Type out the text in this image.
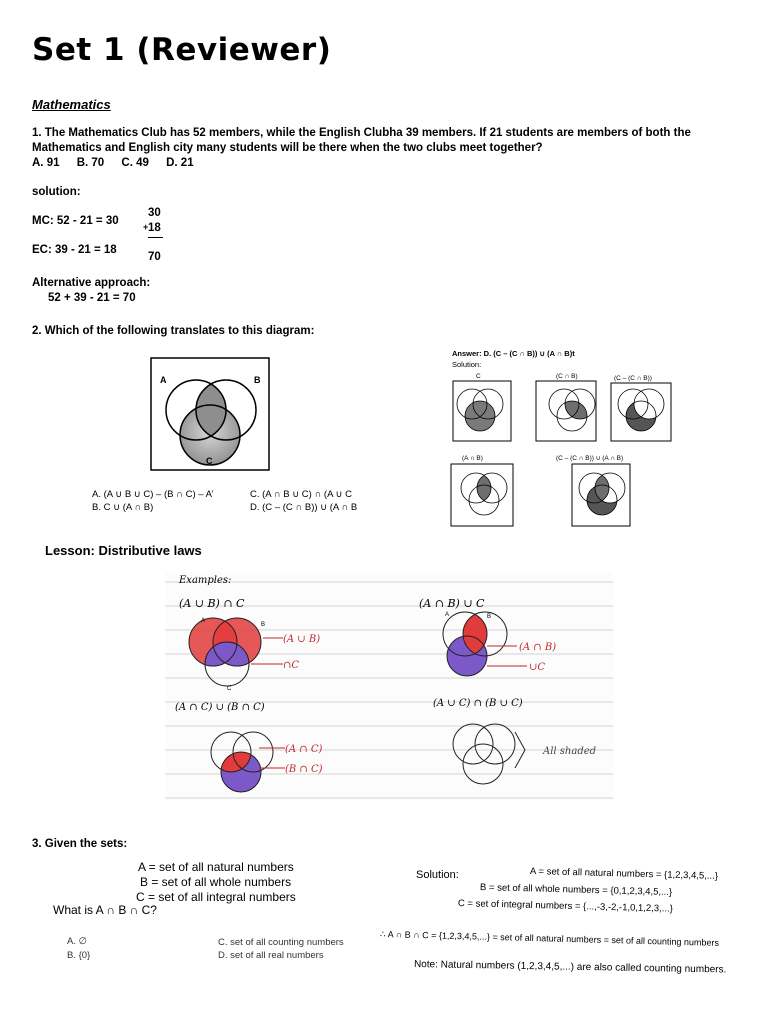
Set 1 (Reviewer)
Mathematics
1. The Mathematics Club has 52 members, while the English Clubha 39 members. If 21 students are members of both the Mathematics and English city many students will be there when the two clubs meet together?
A. 91 B. 70 C. 49 D. 21
solution:
MC: 52 - 21 = 30
EC: 39 - 21 = 18
30
+ 18
70
Alternative approach:
52 + 39 - 21 = 70
2. Which of the following translates to this diagram:
A	B
C
A. (A ∪ B ∪ C) – (B ∩ C) – A’
B. C ∪ (A ∩ B)
C. (A ∩ B ∪ C) ∩ (A ∪ C
D. (C – (C ∩ B)) ∪ (A ∩ B
Answer: D. (C – (C ∩ B)) ∪ (A ∩ B)t
Solution:
C	(C ∩ B)	(C – (C ∩ B))
(A ∩ B)	(C – (C ∩ B)) ∪ (A ∩ B)
Lesson: Distributive laws
Examples:
(A ∪ B) ∩ C	(A ∩ B) ∪ C
(A ∩ C) ∪ (B ∩ C)	(A ∪ C) ∩ (B ∪ C)
A
B
C
(A ∪ B)
∩C
A	B
(A ∩ B)
∪C
(A ∩ C)
(B ∩ C)
All shaded
3. Given the sets:
A = set of all natural numbers
B = set of all whole numbers
C = set of all integral numbers
What is A ∩ B ∩ C?
A. ∅
B. {0}
C. set of all counting numbers
D. set of all real numbers
Solution:	A = set of all natural numbers = {1,2,3,4,5,...}
B = set of all whole numbers = {0,1,2,3,4,5,...}
C = set of integral numbers = {...,-3,-2,-1,0,1,2,3,...}
∴ A ∩ B ∩ C = {1,2,3,4,5,...} = set of all natural numbers = set of all counting numbers
Note: Natural numbers (1,2,3,4,5,...) are also called counting numbers.
